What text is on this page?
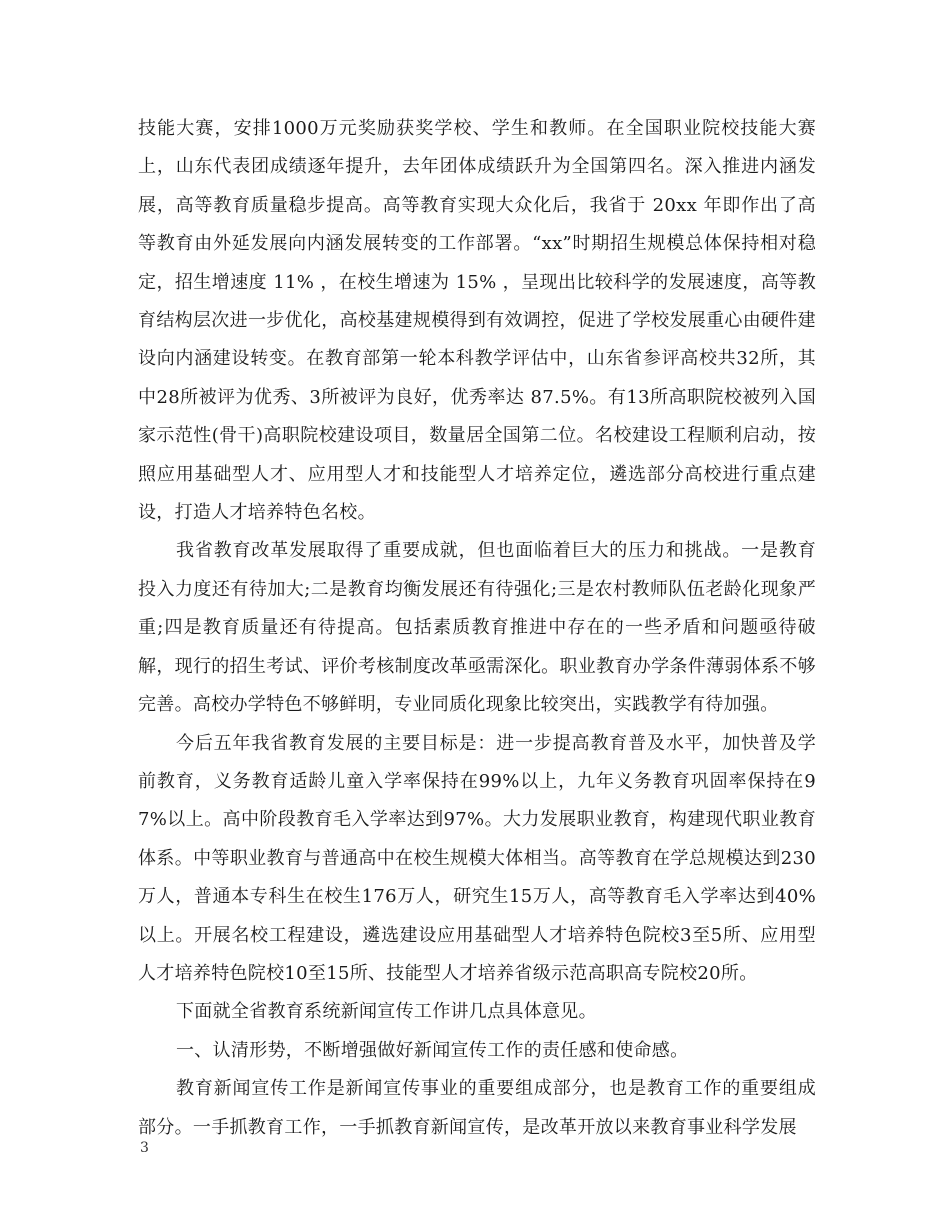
技能大赛，安排1000万元奖励获奖学校、学生和教师。在全国职业院校技能大赛上，山东代表团成绩逐年提升，去年团体成绩跃升为全国第四名。深入推进内涵发展，高等教育质量稳步提高。高等教育实现大众化后，我省于 20xx 年即作出了高等教育由外延发展向内涵发展转变的工作部署。“xx”时期招生规模总体保持相对稳定，招生增速度 11% ，在校生增速为 15% ，呈现出比较科学的发展速度，高等教育结构层次进一步优化，高校基建规模得到有效调控，促进了学校发展重心由硬件建设向内涵建设转变。在教育部第一轮本科教学评估中，山东省参评高校共32所，其中28所被评为优秀、3所被评为良好，优秀率达 87.5%。有13所高职院校被列入国家示范性(骨干)高职院校建设项目，数量居全国第二位。名校建设工程顺利启动，按照应用基础型人才、应用型人才和技能型人才培养定位，遴选部分高校进行重点建设，打造人才培养特色名校。

我省教育改革发展取得了重要成就，但也面临着巨大的压力和挑战。一是教育投入力度还有待加大;二是教育均衡发展还有待强化;三是农村教师队伍老龄化现象严重;四是教育质量还有待提高。包括素质教育推进中存在的一些矛盾和问题亟待破解，现行的招生考试、评价考核制度改革亟需深化。职业教育办学条件薄弱体系不够完善。高校办学特色不够鲜明，专业同质化现象比较突出，实践教学有待加强。

今后五年我省教育发展的主要目标是：进一步提高教育普及水平，加快普及学前教育，义务教育适龄儿童入学率保持在99%以上，九年义务教育巩固率保持在97%以上。高中阶段教育毛入学率达到97%。大力发展职业教育，构建现代职业教育体系。中等职业教育与普通高中在校生规模大体相当。高等教育在学总规模达到230万人，普通本专科生在校生176万人，研究生15万人，高等教育毛入学率达到40%以上。开展名校工程建设，遴选建设应用基础型人才培养特色院校3至5所、应用型人才培养特色院校10至15所、技能型人才培养省级示范高职高专院校20所。

下面就全省教育系统新闻宣传工作讲几点具体意见。

一、认清形势，不断增强做好新闻宣传工作的责任感和使命感。

教育新闻宣传工作是新闻宣传事业的重要组成部分，也是教育工作的重要组成部分。一手抓教育工作，一手抓教育新闻宣传，是改革开放以来教育事业科学发展

3
